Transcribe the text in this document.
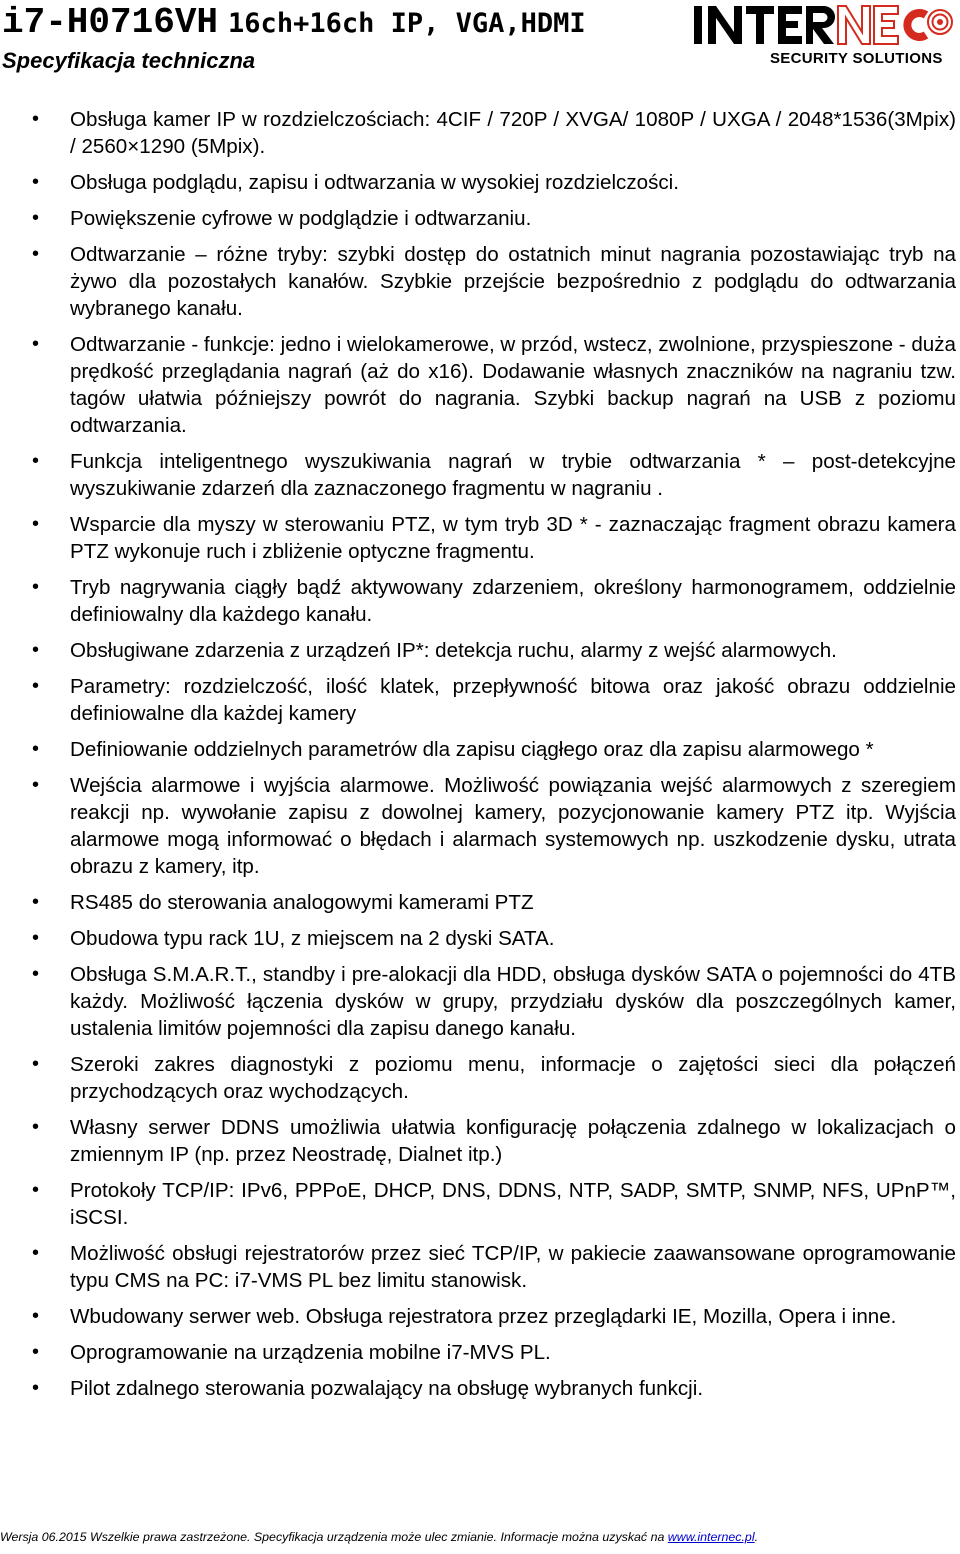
i7-H0716VH 16ch+16ch IP, VGA,HDMI
Specyfikacja techniczna	SECURITY SOLUTIONS
• Obsługa kamer IP w rozdzielczościach: 4CIF / 720P / XVGA/ 1080P / UXGA / 2048*1536(3Mpix) / 2560×1290 (5Mpix).
• Obsługa podglądu, zapisu i odtwarzania w wysokiej rozdzielczości.
• Powiększenie cyfrowe w podglądzie i odtwarzaniu.
• Odtwarzanie – różne tryby: szybki dostęp do ostatnich minut nagrania pozostawiając tryb na żywo dla pozostałych kanałów. Szybkie przejście bezpośrednio z podglądu do odtwarzania wybranego kanału.
• Odtwarzanie - funkcje: jedno i wielokamerowe, w przód, wstecz, zwolnione, przyspieszone - duża prędkość przeglądania nagrań (aż do x16). Dodawanie własnych znaczników na nagraniu tzw. tagów ułatwia późniejszy powrót do nagrania. Szybki backup nagrań na USB z poziomu odtwarzania.
• Funkcja inteligentnego wyszukiwania nagrań w trybie odtwarzania * – post-detekcyjne wyszukiwanie zdarzeń dla zaznaczonego fragmentu w nagraniu .
• Wsparcie dla myszy w sterowaniu PTZ, w tym tryb 3D * - zaznaczając fragment obrazu kamera PTZ wykonuje ruch i zbliżenie optyczne fragmentu.
• Tryb nagrywania ciągły bądź aktywowany zdarzeniem, określony harmonogramem, oddzielnie definiowalny dla każdego kanału.
• Obsługiwane zdarzenia z urządzeń IP*: detekcja ruchu, alarmy z wejść alarmowych.
• Parametry: rozdzielczość, ilość klatek, przepływność bitowa oraz jakość obrazu oddzielnie definiowalne dla każdej kamery
• Definiowanie oddzielnych parametrów dla zapisu ciągłego oraz dla zapisu alarmowego *
• Wejścia alarmowe i wyjścia alarmowe. Możliwość powiązania wejść alarmowych z szeregiem reakcji np. wywołanie zapisu z dowolnej kamery, pozycjonowanie kamery PTZ itp. Wyjścia alarmowe mogą informować o błędach i alarmach systemowych np. uszkodzenie dysku, utrata obrazu z kamery, itp.
• RS485 do sterowania analogowymi kamerami PTZ
• Obudowa typu rack 1U, z miejscem na 2 dyski SATA.
• Obsługa S.M.A.R.T., standby i pre-alokacji dla HDD, obsługa dysków SATA o pojemności do 4TB każdy. Możliwość łączenia dysków w grupy, przydziału dysków dla poszczególnych kamer, ustalenia limitów pojemności dla zapisu danego kanału.
• Szeroki zakres diagnostyki z poziomu menu, informacje o zajętości sieci dla połączeń przychodzących oraz wychodzących.
• Własny serwer DDNS umożliwia ułatwia konfigurację połączenia zdalnego w lokalizacjach o zmiennym IP (np. przez Neostradę, Dialnet itp.)
• Protokoły TCP/IP: IPv6, PPPoE, DHCP, DNS, DDNS, NTP, SADP, SMTP, SNMP, NFS, UPnP™, iSCSI.
• Możliwość obsługi rejestratorów przez sieć TCP/IP, w pakiecie zaawansowane oprogramowanie typu CMS na PC: i7-VMS PL bez limitu stanowisk.
• Wbudowany serwer web. Obsługa rejestratora przez przeglądarki IE, Mozilla, Opera i inne.
• Oprogramowanie na urządzenia mobilne i7-MVS PL.
• Pilot zdalnego sterowania pozwalający na obsługę wybranych funkcji.
Wersja 06.2015 Wszelkie prawa zastrzeżone. Specyfikacja urządzenia może ulec zmianie. Informacje można uzyskać na www.internec.pl.
